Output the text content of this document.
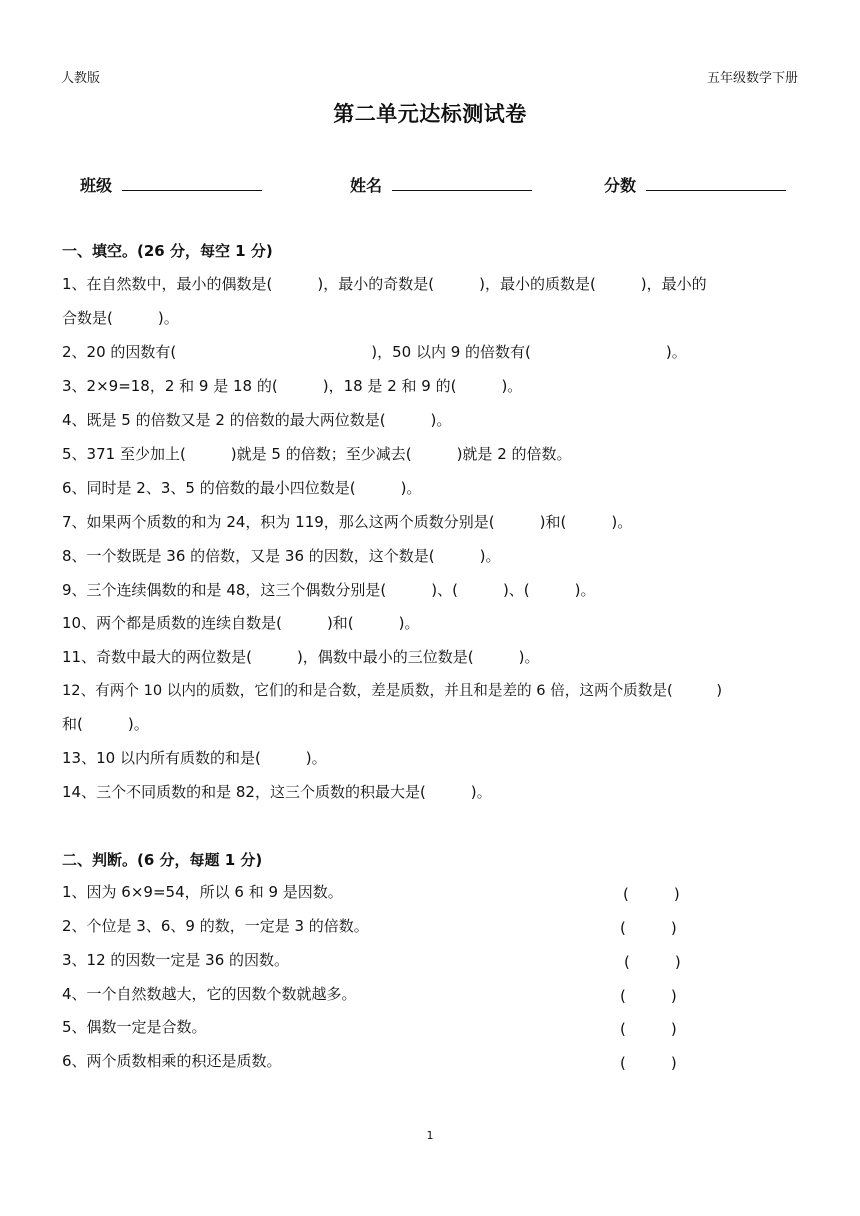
人教版	五年级数学下册
第二单元达标测试卷
班级	姓名	分数
一、填空。(26 分，每空 1 分)
1、在自然数中，最小的偶数是(　　　)，最小的奇数是(　　　)，最小的质数是(　　　)，最小的
合数是(　　　)。
2、20 的因数有(　　　　　　　　　　　　　)，50 以内 9 的倍数有(　　　　　　　　　)。
3、2×9=18，2 和 9 是 18 的(　　　)，18 是 2 和 9 的(　　　)。
4、既是 5 的倍数又是 2 的倍数的最大两位数是(　　　)。
5、371 至少加上(　　　)就是 5 的倍数；至少减去(　　　)就是 2 的倍数。
6、同时是 2、3、5 的倍数的最小四位数是(　　　)。
7、如果两个质数的和为 24，积为 119，那么这两个质数分别是(　　　)和(　　　)。
8、一个数既是 36 的倍数，又是 36 的因数，这个数是(　　　)。
9、三个连续偶数的和是 48，这三个偶数分别是(　　　)、(　　　)、(　　　)。
10、两个都是质数的连续自数是(　　　)和(　　　)。
11、奇数中最大的两位数是(　　　)，偶数中最小的三位数是(　　　)。
12、有两个 10 以内的质数，它们的和是合数，差是质数，并且和是差的 6 倍，这两个质数是(　　　)
和(　　　)。
13、10 以内所有质数的和是(　　　)。
14、三个不同质数的和是 82，这三个质数的积最大是(　　　)。
二、判断。(6 分，每题 1 分)
1、因为 6×9=54，所以 6 和 9 是因数。	(　　　)
2、个位是 3、6、9 的数，一定是 3 的倍数。	(　　　)
3、12 的因数一定是 36 的因数。	(　　　)
4、一个自然数越大，它的因数个数就越多。	(　　　)
5、偶数一定是合数。	(　　　)
6、两个质数相乘的积还是质数。	(　　　)
1
